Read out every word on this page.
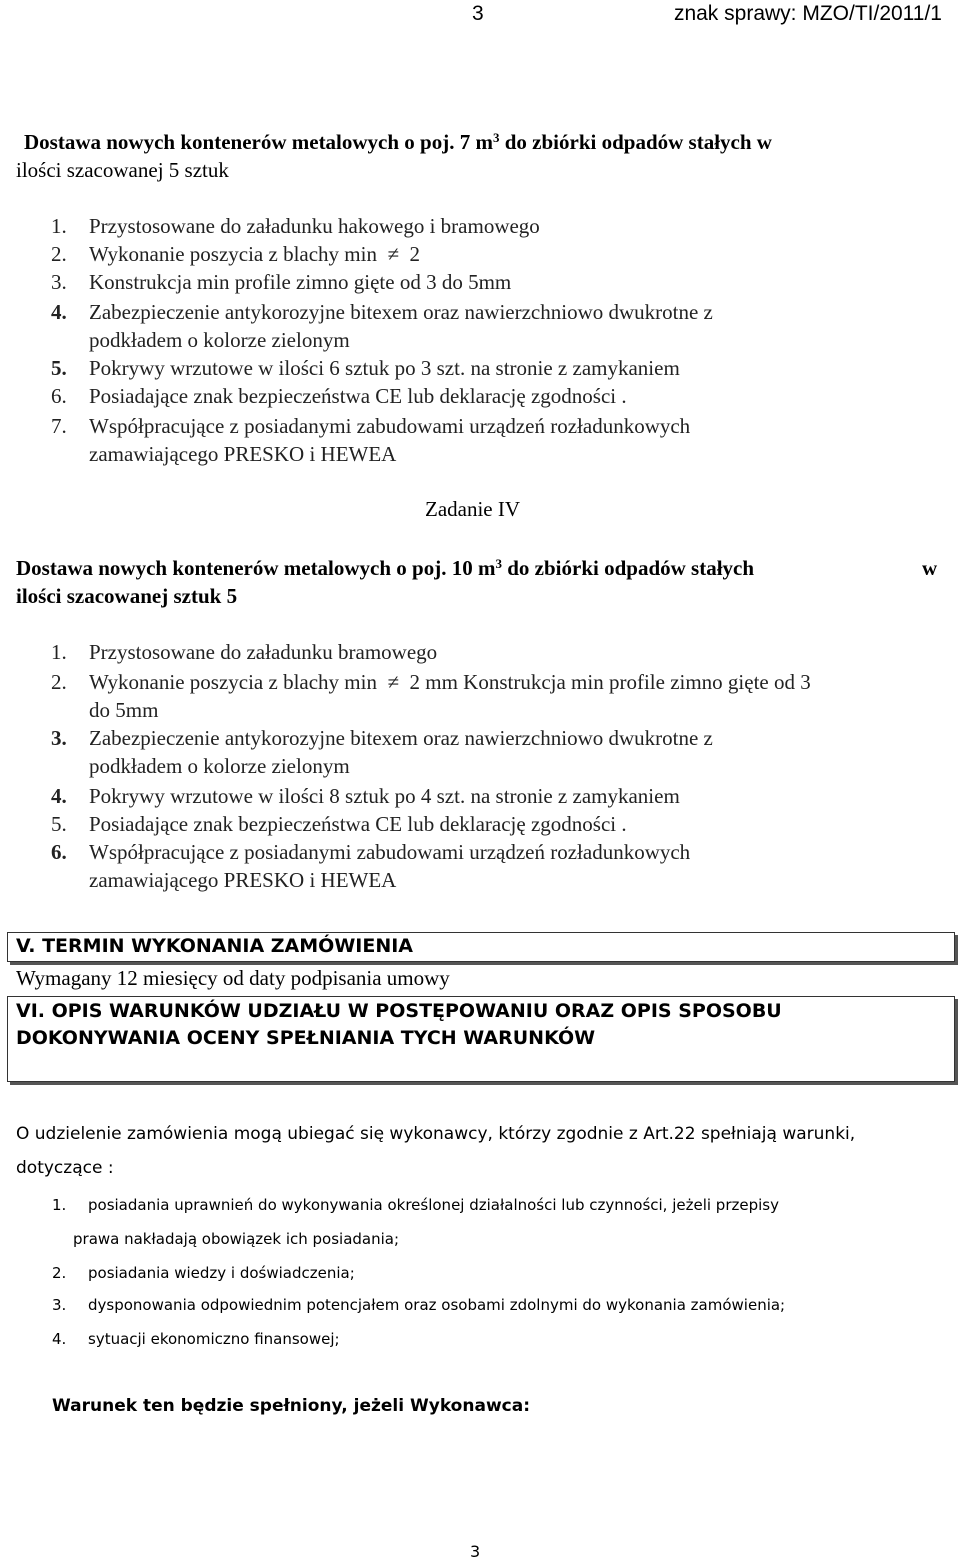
3	znak sprawy: MZO/TI/2011/1
Dostawa nowych kontenerów metalowych o poj. 7 $m^3$ do zbiórki odpadów stałych w
ilości szacowanej 5 sztuk
1. Przystosowane do załadunku hakowego i bramowego
2. Wykonanie poszycia z blachy min ≠ 2
3. Konstrukcja min profile zimno gięte od 3 do 5mm
4. Zabezpieczenie antykorozyjne bitexem oraz nawierzchniowo dwukrotne z
podkładem o kolorze zielonym
5. Pokrywy wrzutowe w ilości 6 sztuk po 3 szt. na stronie z zamykaniem
6. Posiadające znak bezpieczeństwa CE lub deklarację zgodności .
7. Współpracujące z posiadanymi zabudowami urządzeń rozładunkowych
zamawiającego PRESKO i HEWEA
Zadanie IV
Dostawa nowych kontenerów metalowych o poj. 10 $m^3$ do zbiórki odpadów stałych	w
ilości szacowanej sztuk 5
1. Przystosowane do załadunku bramowego
2. Wykonanie poszycia z blachy min ≠ 2 mm Konstrukcja min profile zimno gięte od 3
do 5mm
3. Zabezpieczenie antykorozyjne bitexem oraz nawierzchniowo dwukrotne z
podkładem o kolorze zielonym
4. Pokrywy wrzutowe w ilości 8 sztuk po 4 szt. na stronie z zamykaniem
5. Posiadające znak bezpieczeństwa CE lub deklarację zgodności .
6. Współpracujące z posiadanymi zabudowami urządzeń rozładunkowych
zamawiającego PRESKO i HEWEA
V. TERMIN WYKONANIA ZAMÓWIENIA
Wymagany 12 miesięcy od daty podpisania umowy
VI. OPIS WARUNKÓW UDZIAŁU W POSTĘPOWANIU ORAZ OPIS SPOSOBU
DOKONYWANIA OCENY SPEŁNIANIA TYCH WARUNKÓW
O udzielenie zamówienia mogą ubiegać się wykonawcy, którzy zgodnie z Art.22 spełniają warunki,
dotyczące :
1. posiadania uprawnień do wykonywania określonej działalności lub czynności, jeżeli przepisy
prawa nakładają obowiązek ich posiadania;
2. posiadania wiedzy i doświadczenia;
3. dysponowania odpowiednim potencjałem oraz osobami zdolnymi do wykonania zamówienia;
4. sytuacji ekonomiczno finansowej;
Warunek ten będzie spełniony, jeżeli Wykonawca:
3
